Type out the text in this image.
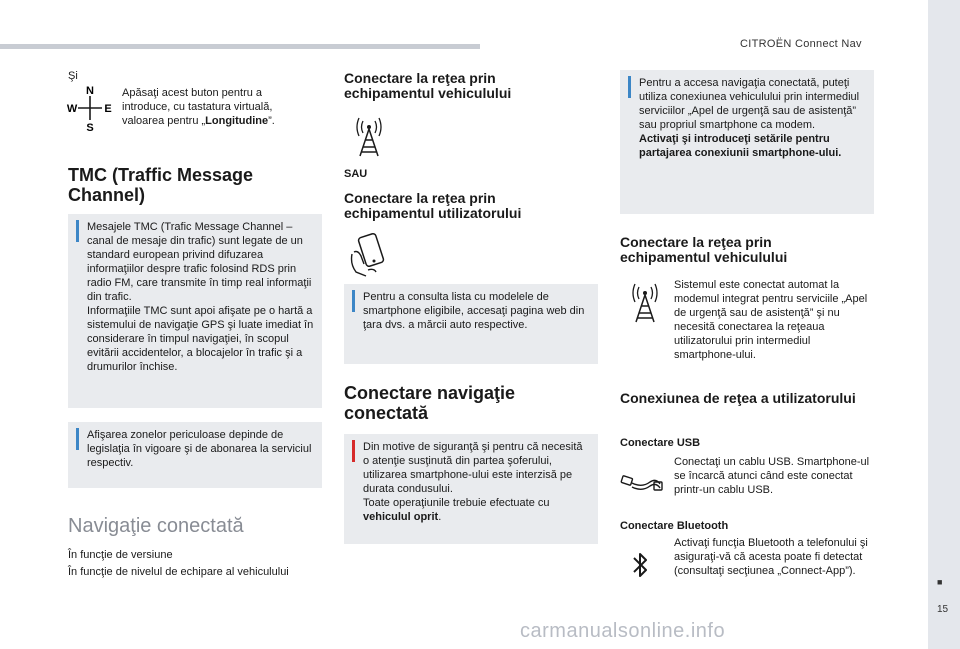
CITROËN Connect Nav
■
15
carmanualsonline.info
Şi
N
W E
S
Apăsaţi acest buton pentru a introduce, cu tastatura virtuală, valoarea pentru „Longitudine”.
TMC (Traffic Message Channel)
Mesajele TMC (Trafic Message Channel – canal de mesaje din trafic) sunt legate de un standard european privind difuzarea informaţiilor despre trafic folosind RDS prin radio FM, care transmite în timp real informaţii din trafic.
Informaţiile TMC sunt apoi afişate pe o hartă a sistemului de navigaţie GPS şi luate imediat în considerare în timpul navigaţiei, în scopul evitării accidentelor, a blocajelor în trafic şi a drumurilor închise.
Afişarea zonelor periculoase depinde de legislaţia în vigoare şi de abonarea la serviciul respectiv.
Navigaţie conectată
În funcţie de versiune
În funcţie de nivelul de echipare al vehiculului
Conectare la reţea prin echipamentul vehiculului
SAU
Conectare la reţea prin echipamentul utilizatorului
Pentru a consulta lista cu modelele de smartphone eligibile, accesaţi pagina web din ţara dvs. a mărcii auto respective.
Conectare navigaţie conectată
Din motive de siguranţă şi pentru că necesită o atenţie susţinută din partea şoferului, utilizarea smartphone-ului este interzisă pe durata condusului.
Toate operaţiunile trebuie efectuate cu vehiculul oprit.
Pentru a accesa navigaţia conectată, puteţi utiliza conexiunea vehiculului prin intermediul serviciilor „Apel de urgenţă sau de asistenţă” sau propriul smartphone ca modem.
Activaţi şi introduceţi setările pentru partajarea conexiunii smartphone-ului.
Conectare la reţea prin echipamentul vehiculului
Sistemul este conectat automat la modemul integrat pentru serviciile „Apel de urgenţă sau de asistenţă” şi nu necesită conectarea la reţeaua utilizatorului prin intermediul smartphone-ului.
Conexiunea de reţea a utilizatorului
Conectare USB
Conectaţi un cablu USB. Smartphone-ul se încarcă atunci când este conectat printr-un cablu USB.
Conectare Bluetooth
Activaţi funcţia Bluetooth a telefonului şi asiguraţi-vă că acesta poate fi detectat (consultaţi secţiunea „Connect-App”).
